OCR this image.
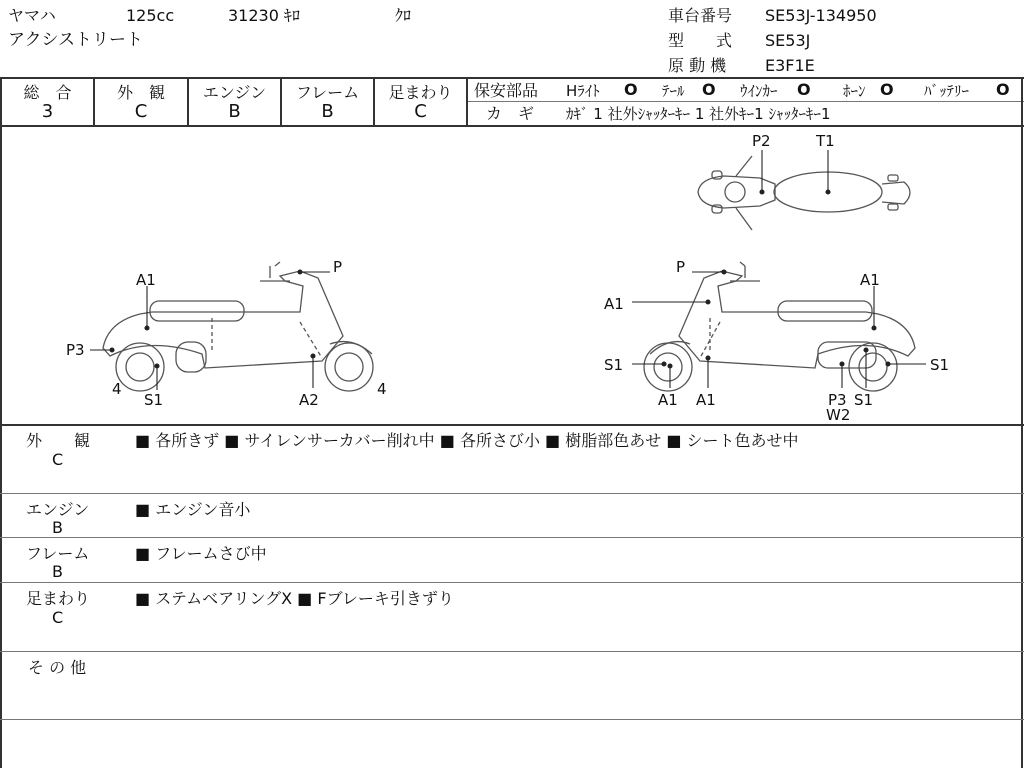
ヤマハ	125cc	31230 ｷﾛ	ｸﾛ
アクシストリート
車台番号 SE53J-134950
型　　式 SE53J
原 動 機 E3F1E
総　合
3
外　観
C
エンジン
B
フレーム
B
足まわり
C
保安部品 Hﾗｲﾄ O ﾃｰﾙ O ｳｲﾝｶｰ O ﾎｰﾝ O ﾊﾞｯﾃﾘｰ O
カ　ギ ｶｷﾞ 1 社外ｼｬｯﾀｰｷｰ 1 社外ｷｰ1 ｼｬｯﾀｰｷｰ1
A1
P
P3
4
S1	A2
4
P2	T1
P
A1
A1
S1
A1 A1	P3
W2
S1
S1
外　　観
C
■ 各所きず ■ サイレンサーカバー削れ中 ■ 各所さび小 ■ 樹脂部色あせ ■ シート色あせ中
エンジン
B
■ エンジン音小
フレーム
B
■ フレームさび中
足まわり
C
■ ステムベアリングX ■ Fブレーキ引きずり
そ の 他
